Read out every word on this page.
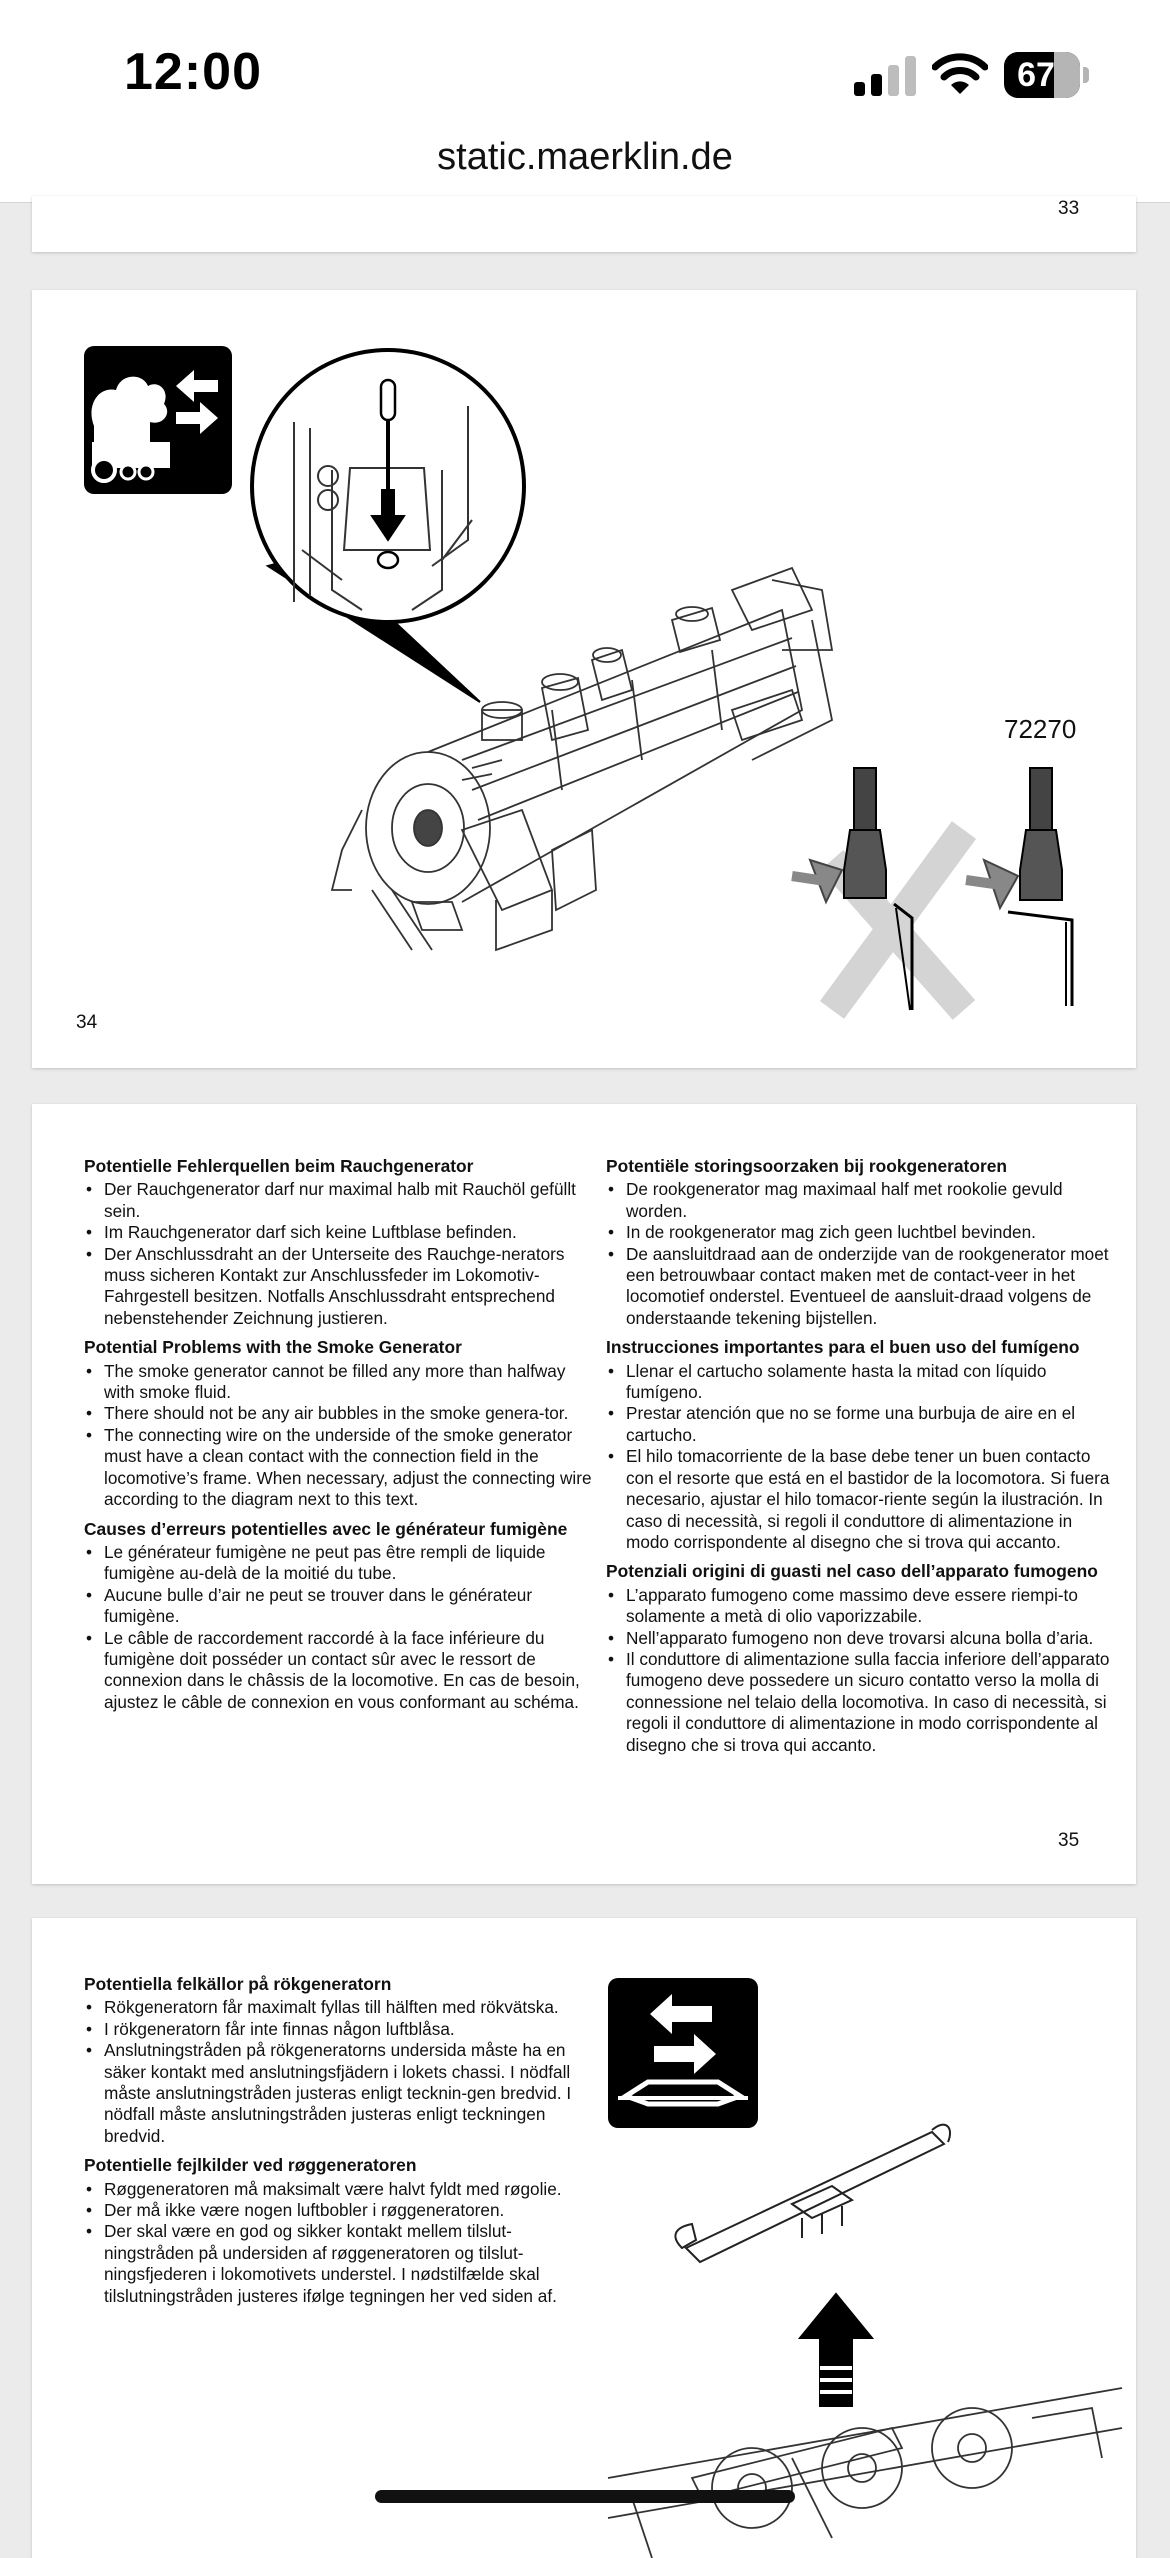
12:00	67
static.maerklin.de
33
72270
34
Potentielle Fehlerquellen beim Rauchgenerator
• Der Rauchgenerator darf nur maximal halb mit Rauchöl gefüllt sein.
• Im Rauchgenerator darf sich keine Luftblase befinden.
• Der Anschlussdraht an der Unterseite des Rauchge-nerators muss sicheren Kontakt zur Anschlussfeder im Lokomotiv-Fahrgestell besitzen. Notfalls Anschlussdraht entsprechend nebenstehender Zeichnung justieren.
Potential Problems with the Smoke Generator
• The smoke generator cannot be filled any more than halfway with smoke fluid.
• There should not be any air bubbles in the smoke genera-tor.
• The connecting wire on the underside of the smoke generator must have a clean contact with the connection field in the locomotive’s frame. When necessary, adjust the connecting wire according to the diagram next to this text.
Causes d’erreurs potentielles avec le générateur fumigène
• Le générateur fumigène ne peut pas être rempli de liquide fumigène au-delà de la moitié du tube.
• Aucune bulle d’air ne peut se trouver dans le générateur fumigène.
• Le câble de raccordement raccordé à la face inférieure du fumigène doit posséder un contact sûr avec le ressort de connexion dans le châssis de la locomotive. En cas de besoin, ajustez le câble de connexion en vous conformant au schéma.
Potentiële storingsoorzaken bij rookgeneratoren
• De rookgenerator mag maximaal half met rookolie gevuld worden.
• In de rookgenerator mag zich geen luchtbel bevinden.
• De aansluitdraad aan de onderzijde van de rookgenerator moet een betrouwbaar contact maken met de contact-veer in het locomotief onderstel. Eventueel de aansluit-draad volgens de onderstaande tekening bijstellen.
Instrucciones importantes para el buen uso del fumígeno
• Llenar el cartucho solamente hasta la mitad con líquido fumígeno.
• Prestar atención que no se forme una burbuja de aire en el cartucho.
• El hilo tomacorriente de la base debe tener un buen contacto con el resorte que está en el bastidor de la locomotora. Si fuera necesario, ajustar el hilo tomacor-riente según la ilustración. In caso di necessità, si regoli il conduttore di alimentazione in modo corrispondente al disegno che si trova qui accanto.
Potenziali origini di guasti nel caso dell’apparato fumogeno
• L’apparato fumogeno come massimo deve essere riempi-to solamente a metà di olio vaporizzabile.
• Nell’apparato fumogeno non deve trovarsi alcuna bolla d’aria.
• Il conduttore di alimentazione sulla faccia inferiore dell’apparato fumogeno deve possedere un sicuro contatto verso la molla di connessione nel telaio della locomotiva. In caso di necessità, si regoli il conduttore di alimentazione in modo corrispondente al disegno che si trova qui accanto.
35
Potentiella felkällor på rökgeneratorn
• Rökgeneratorn får maximalt fyllas till hälften med rökvätska.
• I rökgeneratorn får inte finnas någon luftblåsa.
• Anslutningstråden på rökgeneratorns undersida måste ha en säker kontakt med anslutningsfjädern i lokets chassi. I nödfall måste anslutningstråden justeras enligt tecknin-gen bredvid. I nödfall måste anslutningstråden justeras enligt teckningen bredvid.
Potentielle fejlkilder ved røggeneratoren
• Røggeneratoren må maksimalt være halvt fyldt med røgolie.
• Der må ikke være nogen luftbobler i røggeneratoren.
• Der skal være en god og sikker kontakt mellem tilslut-ningstråden på undersiden af røggeneratoren og tilslut-ningsfjederen i lokomotivets understel. I nødstilfælde skal tilslutningstråden justeres ifølge tegningen her ved siden af.
